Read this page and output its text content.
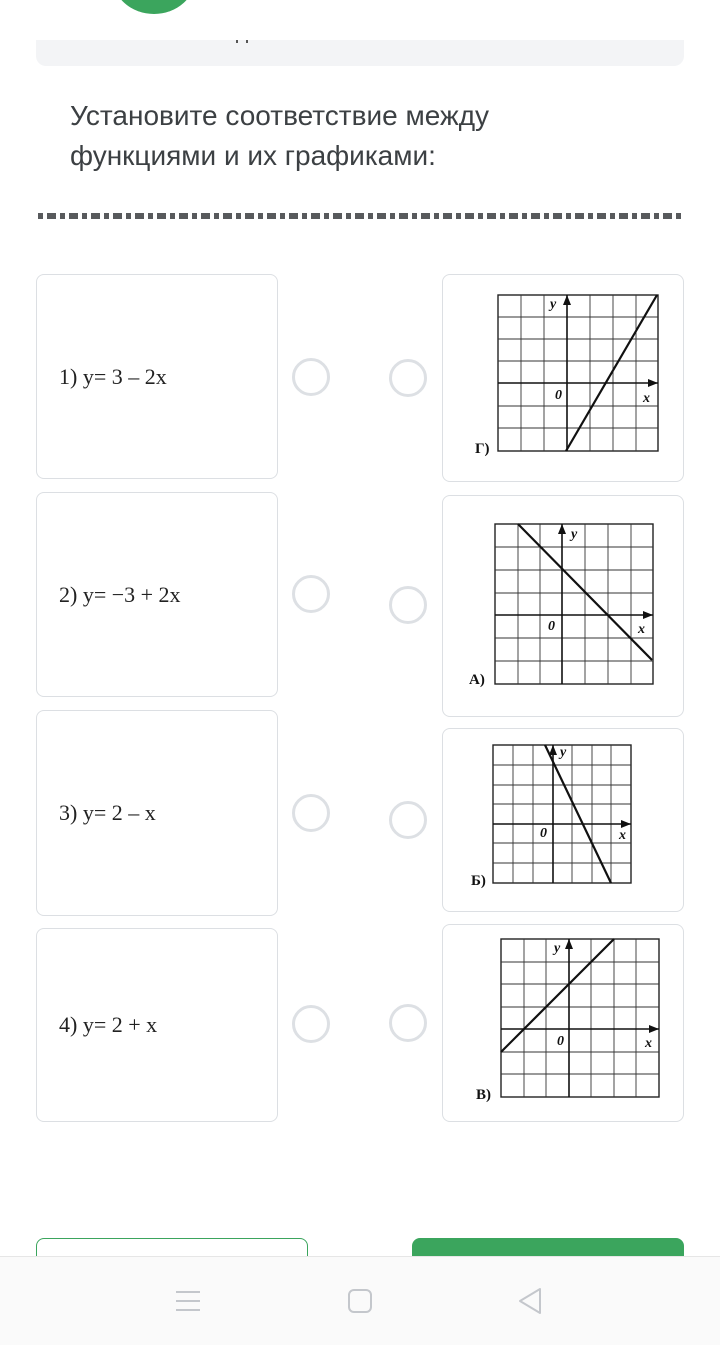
Установите соответствие между
функциями и их графиками:
1) y= 3 – 2x
2) y= −3 + 2x
3) y= 2 – x
4) y= 2 + x
y
x
0
Г)
y
x
0
А)
y
x
0
Б)
y
x
0
В)
